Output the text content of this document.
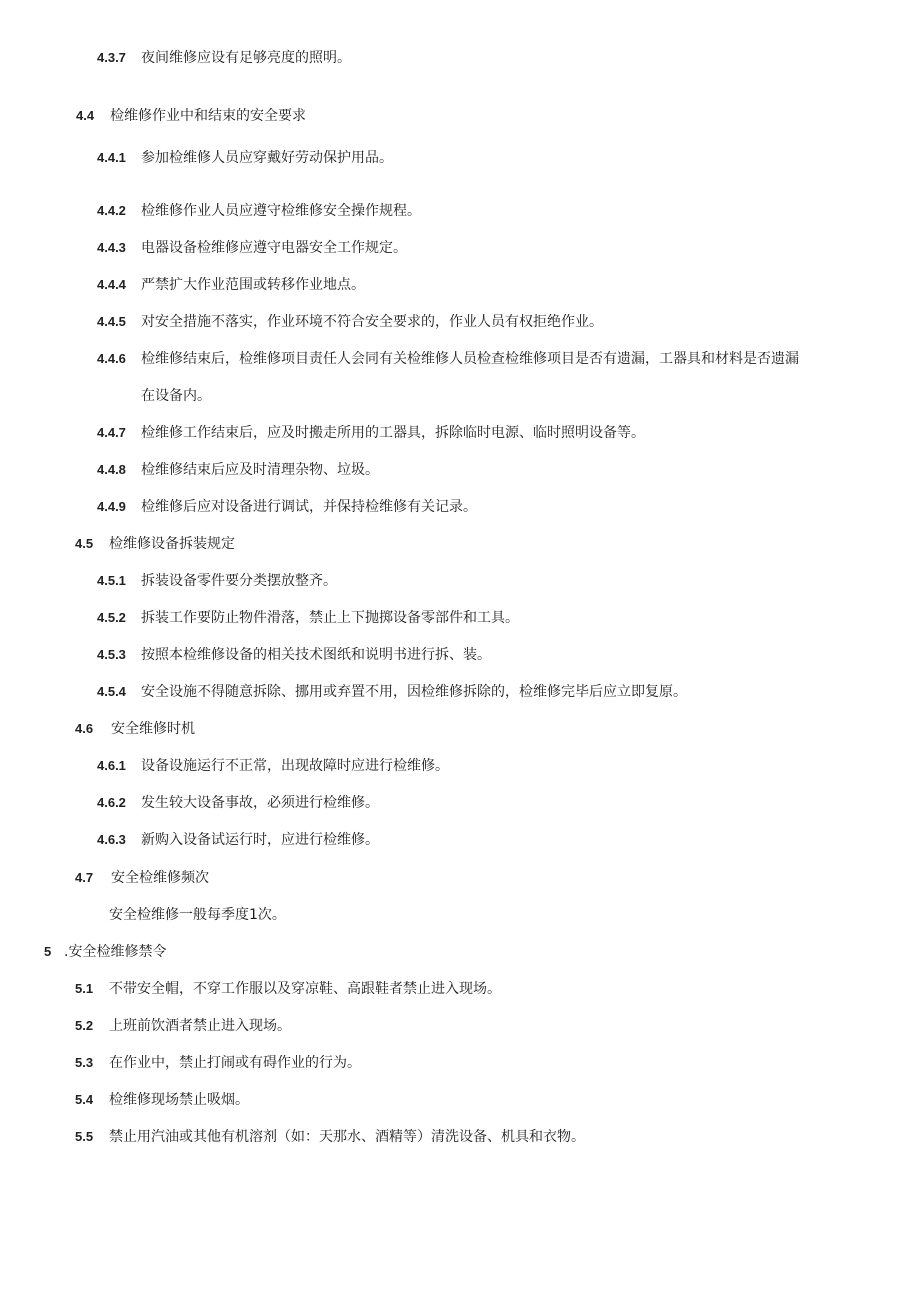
4.3.7 夜间维修应设有足够亮度的照明。
4.4 检维修作业中和结束的安全要求
4.4.1 参加检维修人员应穿戴好劳动保护用品。
4.4.2 检维修作业人员应遵守检维修安全操作规程。
4.4.3 电器设备检维修应遵守电器安全工作规定。
4.4.4 严禁扩大作业范围或转移作业地点。
4.4.5 对安全措施不落实，作业环境不符合安全要求的，作业人员有权拒绝作业。
4.4.6 检维修结束后，检维修项目责任人会同有关检维修人员检查检维修项目是否有遗漏，工器具和材料是否遗漏
在设备内。
4.4.7 检维修工作结束后，应及时搬走所用的工器具，拆除临时电源、临时照明设备等。
4.4.8 检维修结束后应及时清理杂物、垃圾。
4.4.9 检维修后应对设备进行调试，并保持检维修有关记录。
4.5 检维修设备拆装规定
4.5.1 拆装设备零件要分类摆放整齐。
4.5.2 拆装工作要防止物件滑落，禁止上下抛掷设备零部件和工具。
4.5.3 按照本检维修设备的相关技术图纸和说明书进行拆、装。
4.5.4 安全设施不得随意拆除、挪用或弃置不用，因检维修拆除的，检维修完毕后应立即复原。
4.6 安全维修时机
4.6.1 设备设施运行不正常，出现故障时应进行检维修。
4.6.2 发生较大设备事故，必须进行检维修。
4.6.3 新购入设备试运行时，应进行检维修。
4.7 安全检维修频次
安全检维修一般每季度1次。
5 .安全检维修禁令
5.1 不带安全帽，不穿工作服以及穿凉鞋、高跟鞋者禁止进入现场。
5.2 上班前饮酒者禁止进入现场。
5.3 在作业中，禁止打闹或有碍作业的行为。
5.4 检维修现场禁止吸烟。
5.5 禁止用汽油或其他有机溶剂（如：天那水、酒精等）清洗设备、机具和衣物。
